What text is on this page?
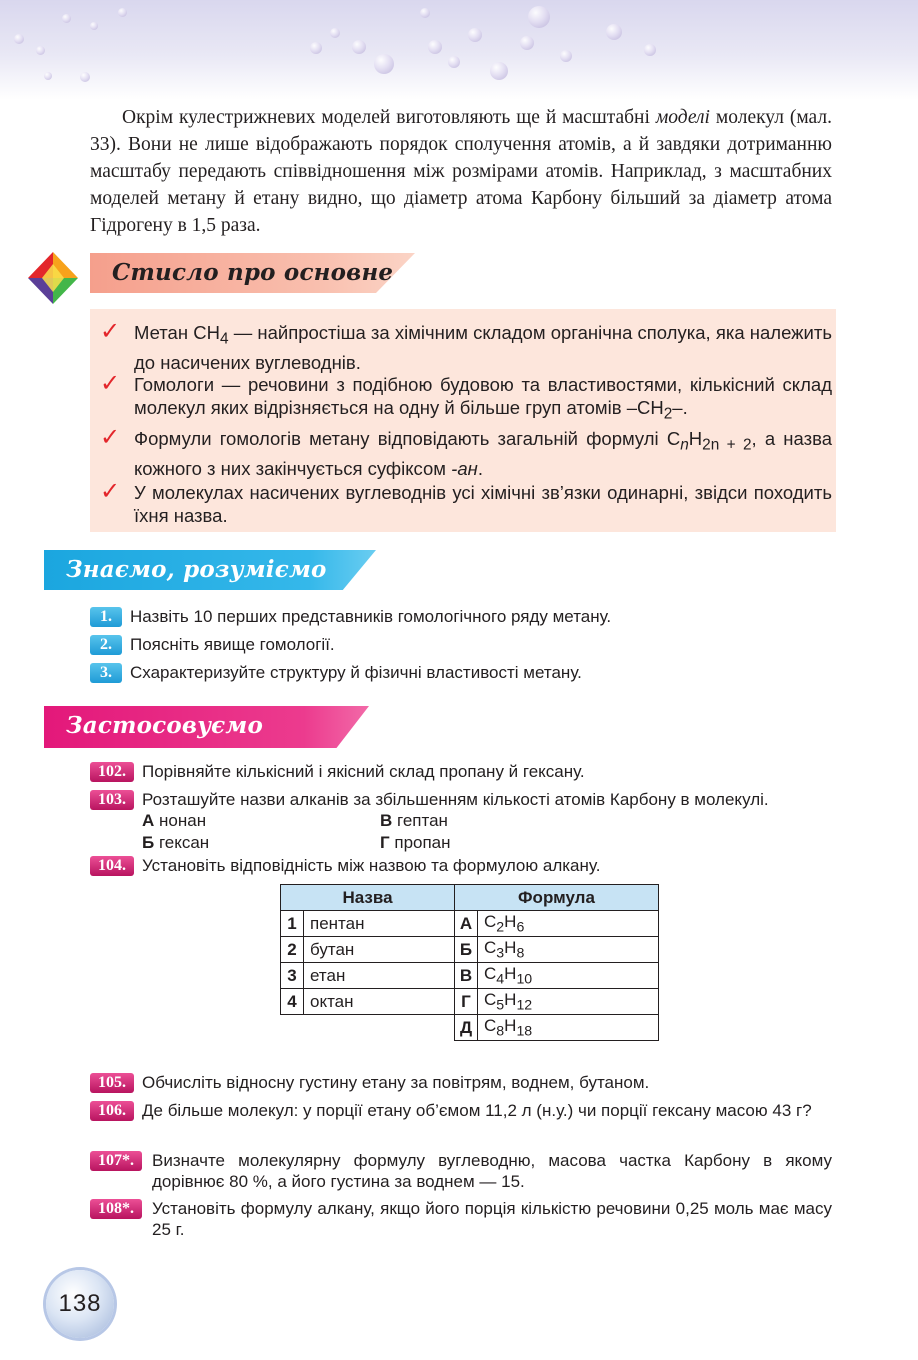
Окрім кулестрижневих моделей виготовляють ще й масштабні моделі молекул (мал. 33). Вони не лише відображають порядок сполучення атомів, а й завдяки дотриманню масштабу передають співвідношення між розмірами атомів. Наприклад, з масштабних моделей метану й етану видно, що діаметр атома Карбону більший за діаметр атома Гідрогену в 1,5 раза.

Стисло про основне
✓ Метан $CH_4$ — найпростіша за хімічним складом органічна сполука, яка належить до насичених вуглеводнів.
✓ Гомологи — речовини з подібною будовою та властивостями, кількісний склад молекул яких відрізняється на одну й більше груп атомів $-CH_2-$.
✓ Формули гомологів метану відповідають загальній формулі $C_nH_{2n + 2}$, а назва кожного з них закінчується суфіксом -ан.
✓ У молекулах насичених вуглеводнів усі хімічні зв’язки одинарні, звідси походить їхня назва.
Знаємо, розуміємо
1.	Назвіть 10 перших представників гомологічного ряду метану.
2.	Поясніть явище гомології.
3.	Схарактеризуйте структуру й фізичні властивості метану.
Застосовуємо
102. Порівняйте кількісний і якісний склад пропану й гексану.
103. Розташуйте назви алканів за збільшенням кількості атомів Карбону в молекулі.
А нонан	В гептан
Б гексан	Г пропан
104. Установіть відповідність між назвою та формулою алкану.
Назва		Формула	
1	пентан	А	$C_2H_6$
2	бутан	Б	$C_3H_8$
3	етан	В	$C_4H_{10}$
4	октан	Г	$C_5H_{12}$
		Д	$C_8H_{18}$
105. Обчисліть відносну густину етану за повітрям, воднем, бутаном.
106. Де більше молекул: у порції етану об’ємом 11,2 л (н.у.) чи порції гексану масою 43 г?
107*.	Визначте молекулярну формулу вуглеводню, масова частка Карбону в якому дорівнює 80 %, а його густина за воднем — 15.
108*.	Установіть формулу алкану, якщо його порція кількістю речовини 0,25 моль має масу 25 г.
138
